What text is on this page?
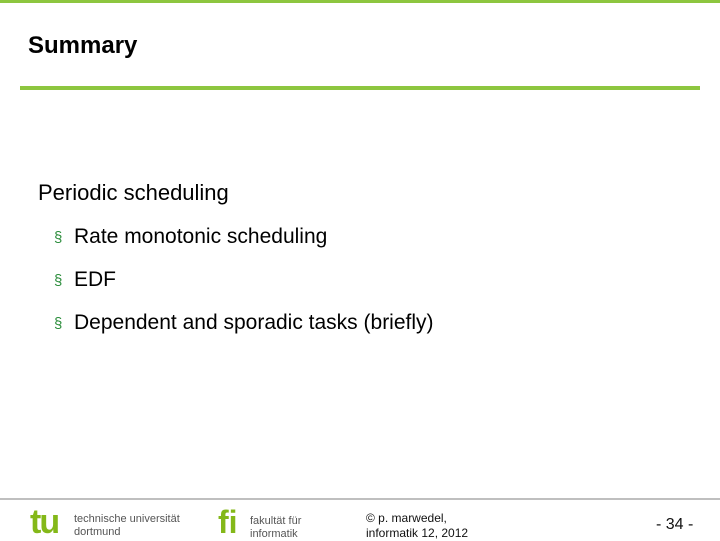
Summary
Periodic scheduling
§ Rate monotonic scheduling
§ EDF
§ Dependent and sporadic tasks (briefly)
tu technische universität
dortmund	fi fakultät für
informatik
© p. marwedel,
informatik 12, 2012	- 34 -
